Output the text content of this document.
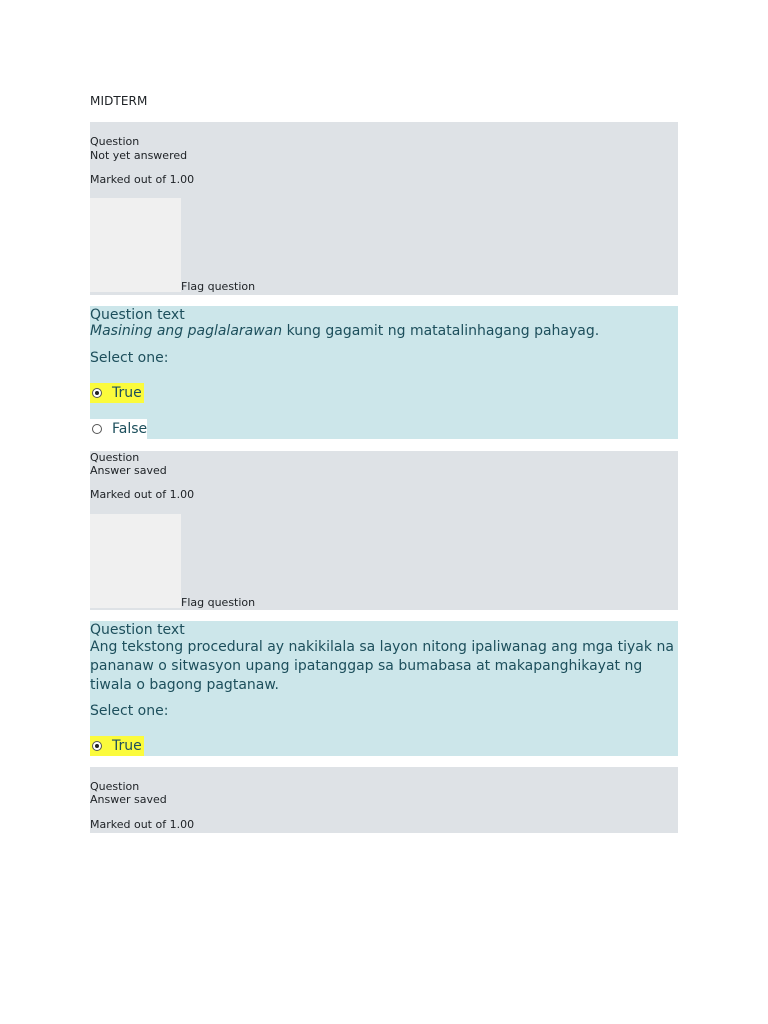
MIDTERM
Question
Not yet answered
Marked out of 1.00
Flag question
Question text
Masining ang paglalarawan kung gagamit ng matatalinhagang pahayag.
Select one:
True
False
Question
Answer saved
Marked out of 1.00
Flag question
Question text
Ang tekstong procedural ay nakikilala sa layon nitong ipaliwanag ang mga tiyak na pananaw o sitwasyon upang ipatanggap sa bumabasa at makapanghikayat ng tiwala o bagong pagtanaw.
Select one:
True
Question
Answer saved
Marked out of 1.00
